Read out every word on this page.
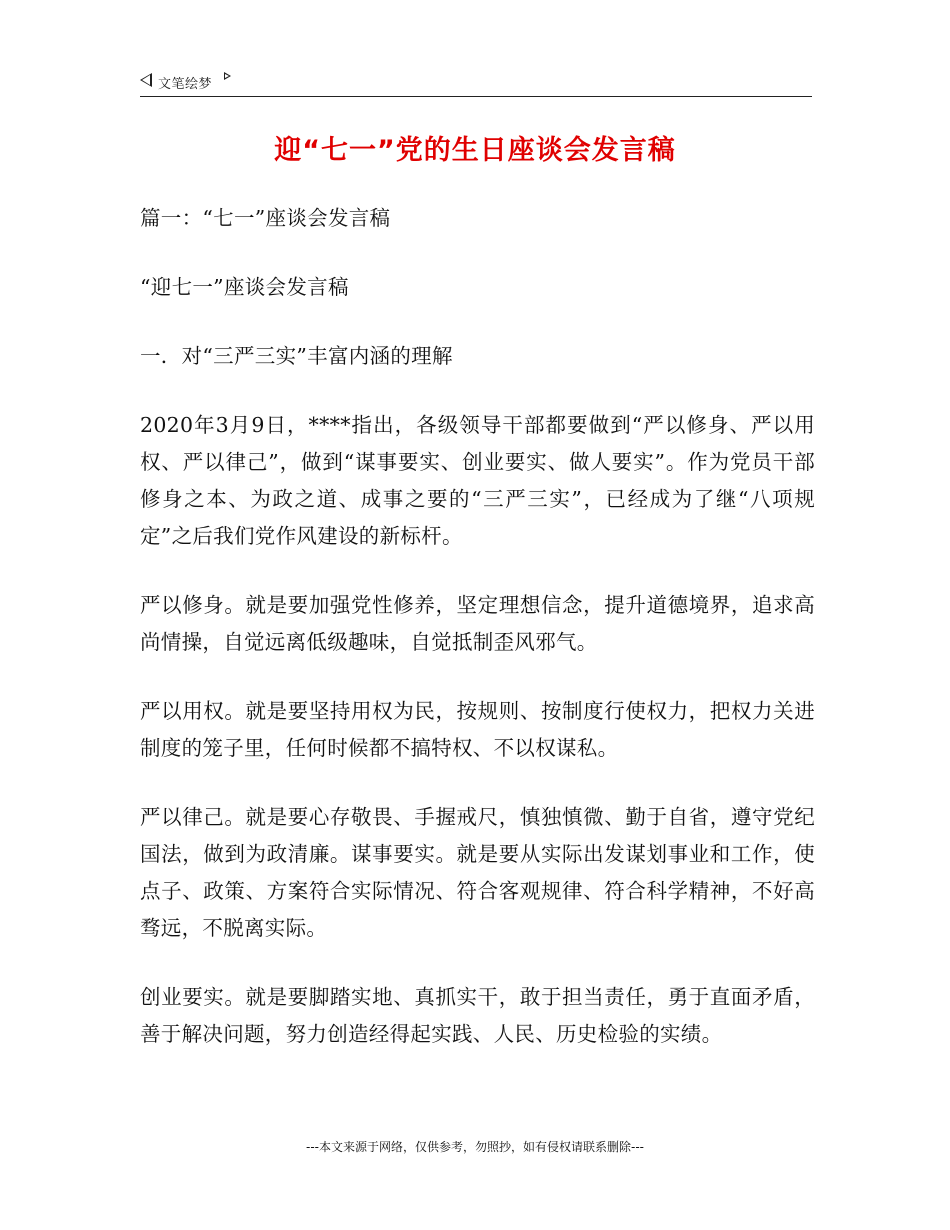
文笔绘梦
迎“七一”党的生日座谈会发言稿

篇一：“七一”座谈会发言稿

“迎七一”座谈会发言稿

一．对“三严三实”丰富内涵的理解

2020年3月9日，****指出，各级领导干部都要做到“严以修身、严以用权、严以律己”，做到“谋事要实、创业要实、做人要实”。作为党员干部修身之本、为政之道、成事之要的“三严三实”，已经成为了继“八项规定”之后我们党作风建设的新标杆。

严以修身。就是要加强党性修养，坚定理想信念，提升道德境界，追求高尚情操，自觉远离低级趣味，自觉抵制歪风邪气。

严以用权。就是要坚持用权为民，按规则、按制度行使权力，把权力关进制度的笼子里，任何时候都不搞特权、不以权谋私。

严以律己。就是要心存敬畏、手握戒尺，慎独慎微、勤于自省，遵守党纪国法，做到为政清廉。谋事要实。就是要从实际出发谋划事业和工作，使点子、政策、方案符合实际情况、符合客观规律、符合科学精神，不好高骛远，不脱离实际。

创业要实。就是要脚踏实地、真抓实干，敢于担当责任，勇于直面矛盾，善于解决问题，努力创造经得起实践、人民、历史检验的实绩。

---本文来源于网络，仅供参考，勿照抄，如有侵权请联系删除---
